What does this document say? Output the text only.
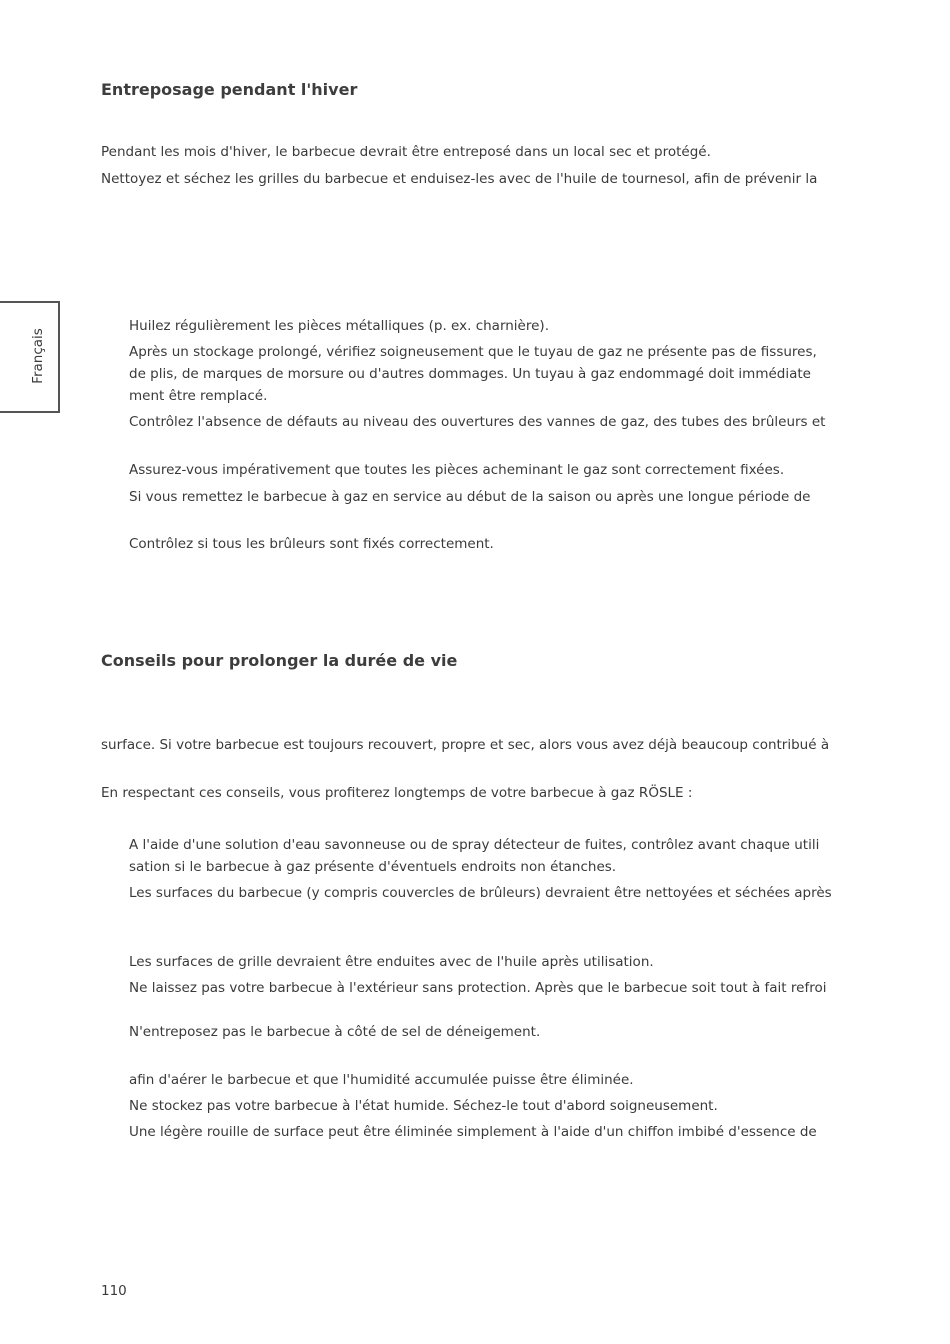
Français
Entreposage pendant l'hiver
Pendant les mois d'hiver, le barbecue devrait être entreposé dans un local sec et protégé.
Nettoyez et séchez les grilles du barbecue et enduisez-les avec de l'huile de tournesol, afin de prévenir la
Huilez régulièrement les pièces métalliques (p. ex. charnière).
Après un stockage prolongé, vérifiez soigneusement que le tuyau de gaz ne présente pas de fissures,
de plis, de marques de morsure ou d'autres dommages. Un tuyau à gaz endommagé doit immédiate
ment être remplacé.
Contrôlez l'absence de défauts au niveau des ouvertures des vannes de gaz, des tubes des brûleurs et
Assurez-vous impérativement que toutes les pièces acheminant le gaz sont correctement fixées.
Si vous remettez le barbecue à gaz en service au début de la saison ou après une longue période de
Contrôlez si tous les brûleurs sont fixés correctement.
Conseils pour prolonger la durée de vie
surface. Si votre barbecue est toujours recouvert, propre et sec, alors vous avez déjà beaucoup contribué à
En respectant ces conseils, vous profiterez longtemps de votre barbecue à gaz RÖSLE :
A l'aide d'une solution d'eau savonneuse ou de spray détecteur de fuites, contrôlez avant chaque utili
sation si le barbecue à gaz présente d'éventuels endroits non étanches.
Les surfaces du barbecue (y compris couvercles de brûleurs) devraient être nettoyées et séchées après
Les surfaces de grille devraient être enduites avec de l'huile après utilisation.
Ne laissez pas votre barbecue à l'extérieur sans protection. Après que le barbecue soit tout à fait refroi
N'entreposez pas le barbecue à côté de sel de déneigement.
afin d'aérer le barbecue et que l'humidité accumulée puisse être éliminée.
Ne stockez pas votre barbecue à l'état humide. Séchez-le tout d'abord soigneusement.
Une légère rouille de surface peut être éliminée simplement à l'aide d'un chiffon imbibé d'essence de
110
